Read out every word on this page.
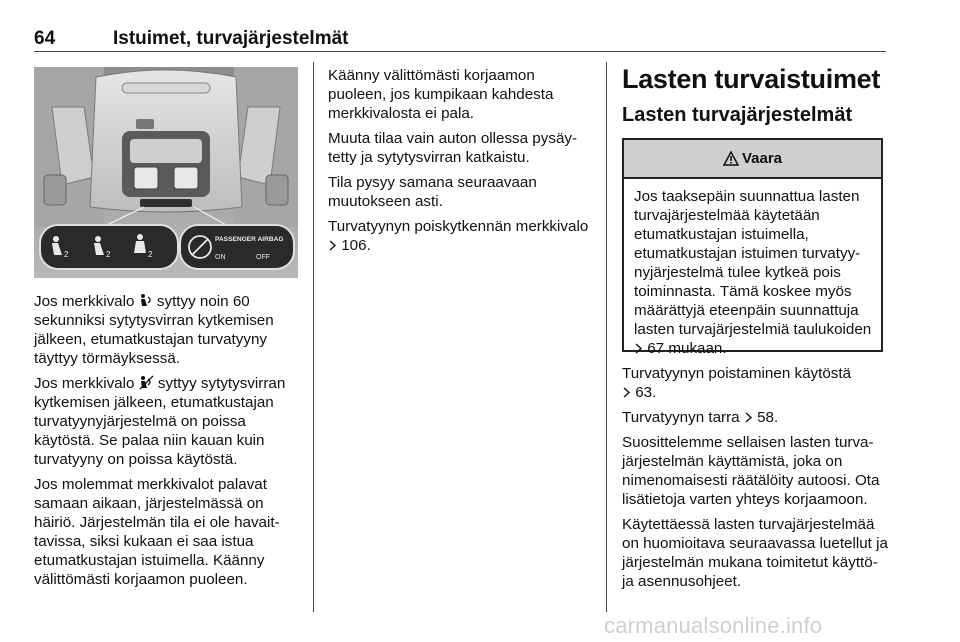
64	Istuimet, turvajärjestelmät
2	2	2
PASSENGER AIRBAG
ON	OFF

Jos merkkivalo  syttyy noin 60 sekunniksi sytytysvirran kytkemisen jälkeen, etumatkustajan turvatyyny täyttyy törmäyksessä.

Jos merkkivalo  syttyy sytytysvirran kytkemisen jälkeen, etumatkustajan turvatyynyjärjestelmä on poissa käytöstä. Se palaa niin kauan kuin turvatyyny on poissa käytöstä.

Jos molemmat merkkivalot palavat samaan aikaan, järjestelmässä on häiriö. Järjestelmän tila ei ole havaittavissa, siksi kukaan ei saa istua etumatkustajan istuimella. Käänny välittömästi korjaamon puoleen.

Käänny välittömästi korjaamon puoleen, jos kumpikaan kahdesta merkkivalosta ei pala.

Muuta tilaa vain auton ollessa pysäytetty ja sytytysvirran katkaistu.

Tila pysyy samana seuraavaan muutokseen asti.

Turvatyynyn poiskytkennän merkkivalo  106.

Lasten turvaistuimet
Lasten turvajärjestelmät
Vaara
Jos taaksepäin suunnattua lasten turvajärjestelmää käytetään etumatkustajan istuimella, etumatkustajan istuimen turvatyynyjärjestelmä tulee kytkeä pois toiminnasta. Tämä koskee myös määrättyjä eteenpäin suunnattuja lasten turvajärjestelmiä taulukoiden  67 mukaan.

Turvatyynyn poistaminen käytöstä
63.

Turvatyynyn tarra  58.

Suosittelemme sellaisen lasten turvajärjestelmän käyttämistä, joka on nimenomaisesti räätälöity autoosi. Ota lisätietoja varten yhteys korjaamoon.

Käytettäessä lasten turvajärjestelmää on huomioitava seuraavassa luetellut ja järjestelmän mukana toimitetut käyttö- ja asennusohjeet.

carmanualsonline.info
